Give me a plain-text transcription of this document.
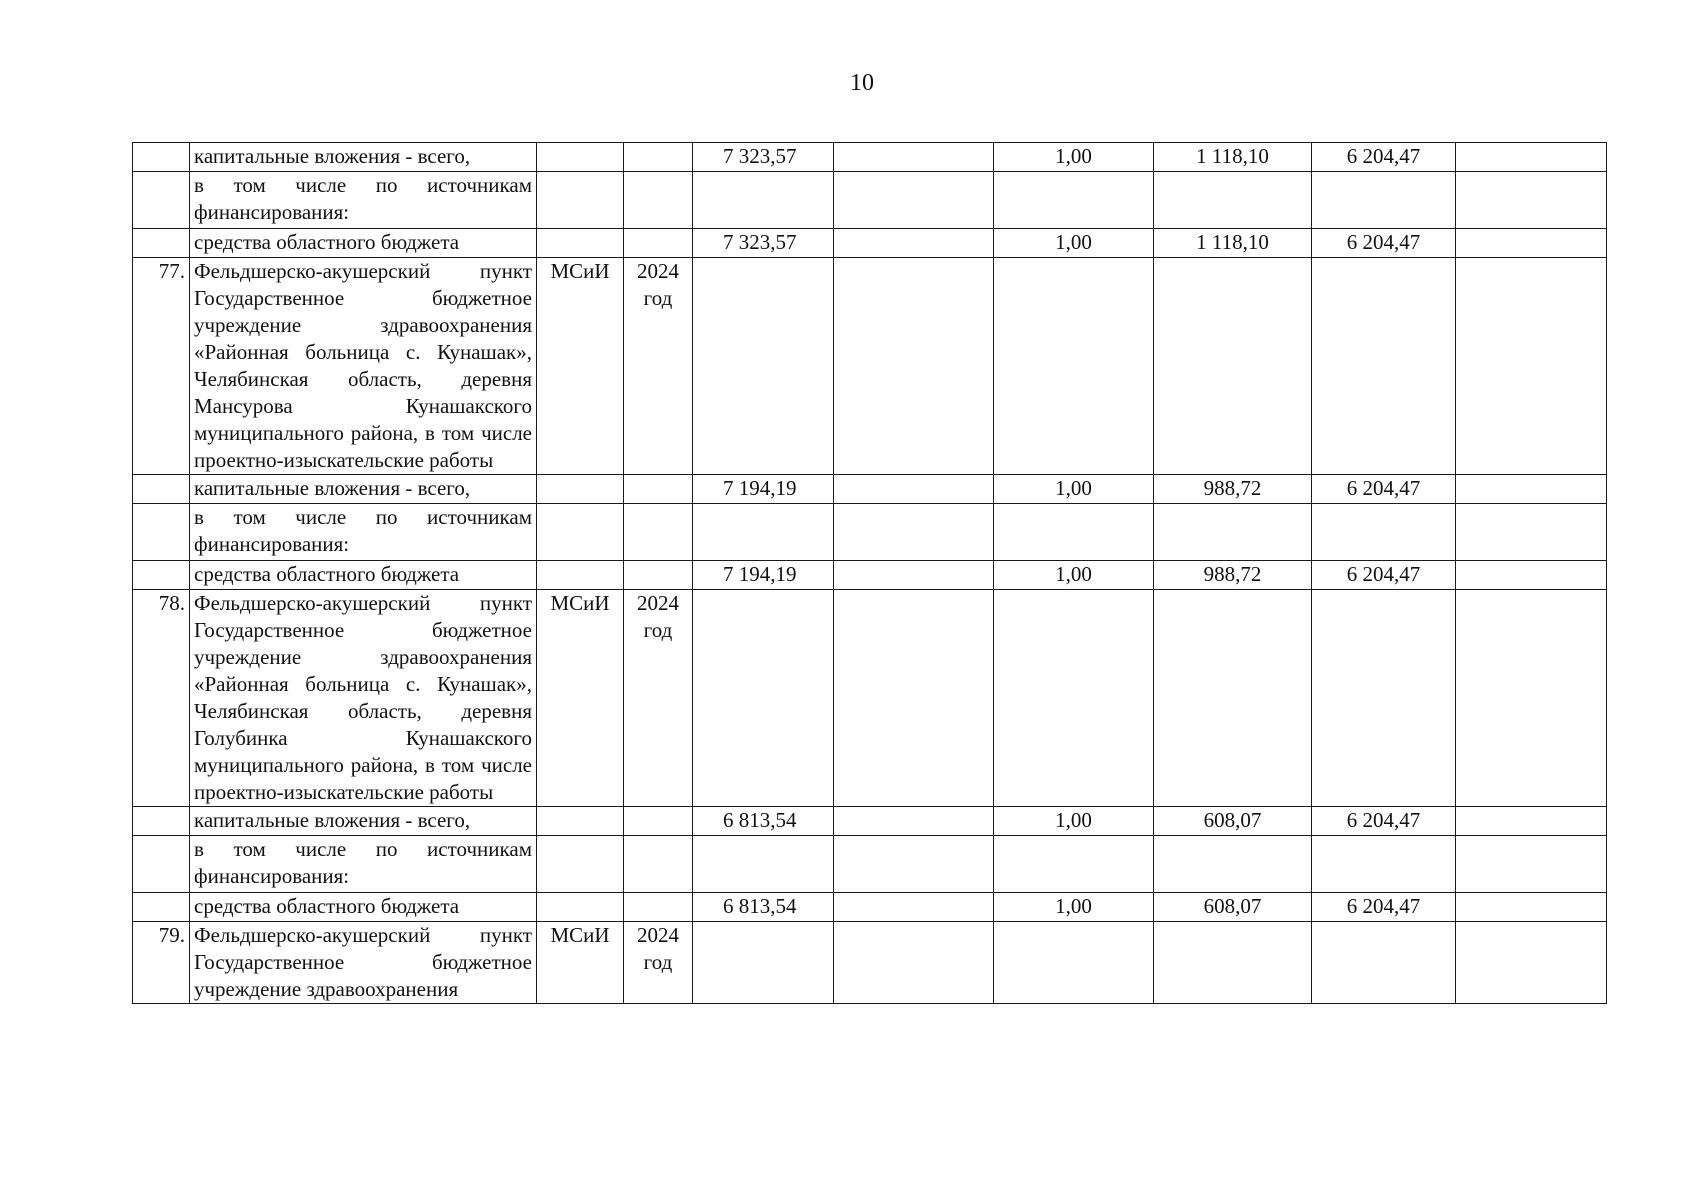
10
	капитальные вложения - всего,			7 323,57		1,00	1 118,10	6 204,47	
	в том числе по источникам финансирования:								
	средства областного бюджета			7 323,57		1,00	1 118,10	6 204,47	
77.	Фельдшерско-акушерский пункт Государственное бюджетное учреждение здравоохранения «Районная больница с. Кунашак», Челябинская область, деревня Мансурова Кунашакского муниципального района, в том числе проектно-изыскательские работы	МСиИ	2024 год						
	капитальные вложения - всего,			7 194,19		1,00	988,72	6 204,47	
	в том числе по источникам финансирования:								
	средства областного бюджета			7 194,19		1,00	988,72	6 204,47	
78.	Фельдшерско-акушерский пункт Государственное бюджетное учреждение здравоохранения «Районная больница с. Кунашак», Челябинская область, деревня Голубинка Кунашакского муниципального района, в том числе проектно-изыскательские работы	МСиИ	2024 год						
	капитальные вложения - всего,			6 813,54		1,00	608,07	6 204,47	
	в том числе по источникам финансирования:								
	средства областного бюджета			6 813,54		1,00	608,07	6 204,47	
79.	Фельдшерско-акушерский пункт Государственное бюджетное учреждение здравоохранения	МСиИ	2024 год						
